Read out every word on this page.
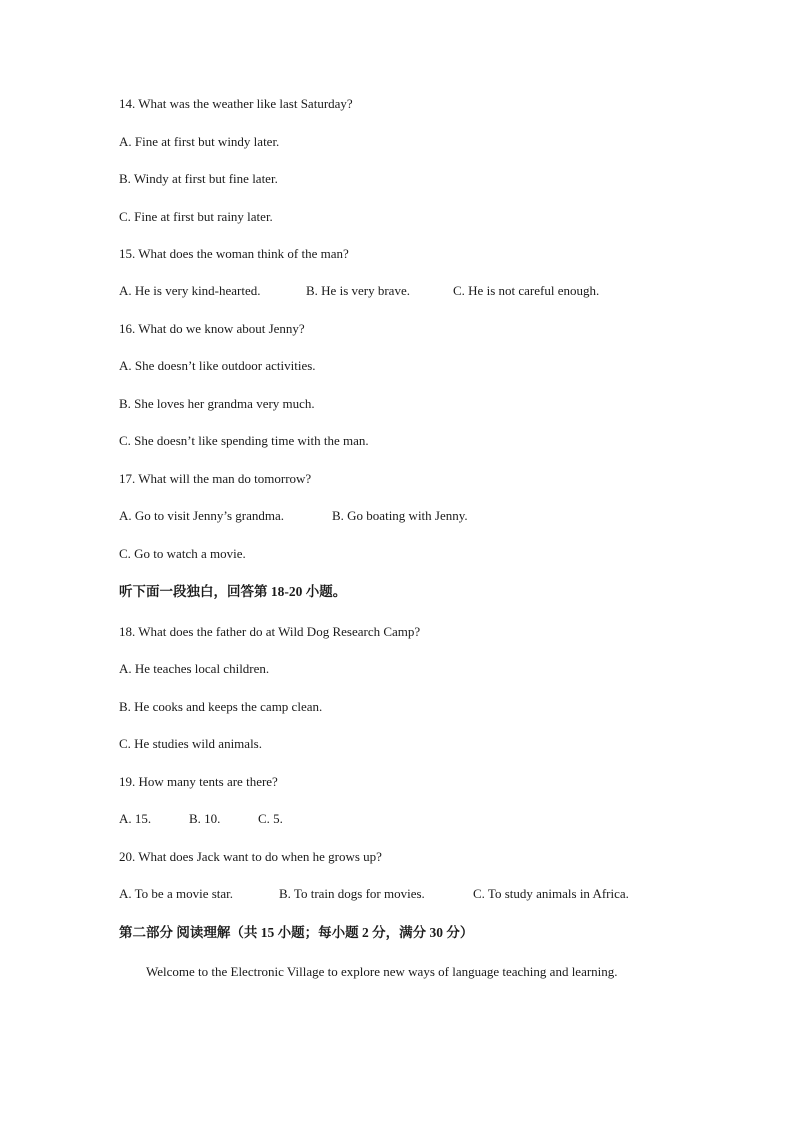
14. What was the weather like last Saturday?
A. Fine at first but windy later.
B. Windy at first but fine later.
C. Fine at first but rainy later.
15. What does the woman think of the man?
A. He is very kind-hearted.	B. He is very brave.	C. He is not careful enough.
16. What do we know about Jenny?
A. She doesn’t like outdoor activities.
B. She loves her grandma very much.
C. She doesn’t like spending time with the man.
17. What will the man do tomorrow?
A. Go to visit Jenny’s grandma.	B. Go boating with Jenny.
C. Go to watch a movie.
听下面一段独白，回答第 18-20 小题。
18. What does the father do at Wild Dog Research Camp?
A. He teaches local children.
B. He cooks and keeps the camp clean.
C. He studies wild animals.
19. How many tents are there?
A. 15.	B. 10.	C. 5.
20. What does Jack want to do when he grows up?
A. To be a movie star.	B. To train dogs for movies.	C. To study animals in Africa.
第二部分 阅读理解（共 15 小题；每小题 2 分，满分 30 分）
Welcome to the Electronic Village to explore new ways of language teaching and learning.
